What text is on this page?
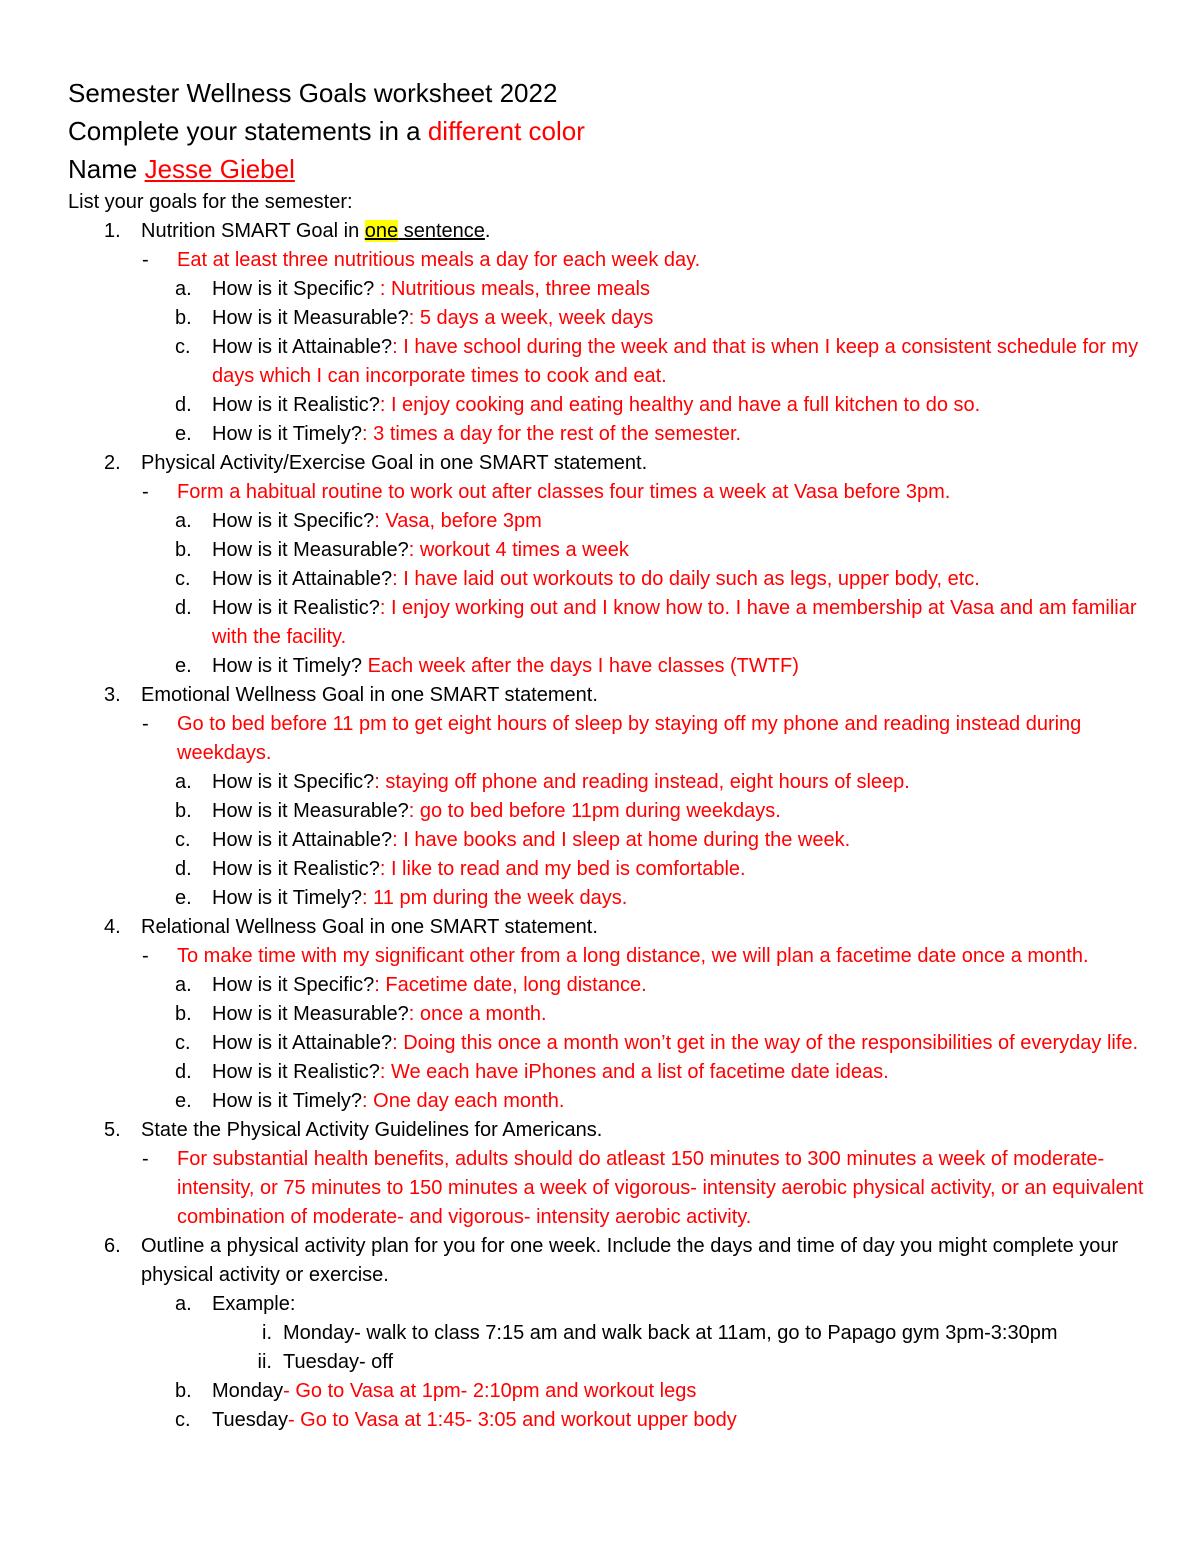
Semester Wellness Goals worksheet 2022
Complete your statements in a different color
Name Jesse Giebel
List your goals for the semester:
1. Nutrition SMART Goal in one sentence.
- Eat at least three nutritious meals a day for each week day.
a. How is it Specific? : Nutritious meals, three meals
b. How is it Measurable?: 5 days a week, week days
c. How is it Attainable?: I have school during the week and that is when I keep a consistent schedule for my days which I can incorporate times to cook and eat.
d. How is it Realistic?: I enjoy cooking and eating healthy and have a full kitchen to do so.
e. How is it Timely?: 3 times a day for the rest of the semester.
2. Physical Activity/Exercise Goal in one SMART statement.
- Form a habitual routine to work out after classes four times a week at Vasa before 3pm.
a. How is it Specific?: Vasa, before 3pm
b. How is it Measurable?: workout 4 times a week
c. How is it Attainable?: I have laid out workouts to do daily such as legs, upper body, etc.
d. How is it Realistic?: I enjoy working out and I know how to. I have a membership at Vasa and am familiar with the facility.
e. How is it Timely? Each week after the days I have classes (TWTF)
3. Emotional Wellness Goal in one SMART statement.
- Go to bed before 11 pm to get eight hours of sleep by staying off my phone and reading instead during weekdays.
a. How is it Specific?: staying off phone and reading instead, eight hours of sleep.
b. How is it Measurable?: go to bed before 11pm during weekdays.
c. How is it Attainable?: I have books and I sleep at home during the week.
d. How is it Realistic?: I like to read and my bed is comfortable.
e. How is it Timely?: 11 pm during the week days.
4. Relational Wellness Goal in one SMART statement.
- To make time with my significant other from a long distance, we will plan a facetime date once a month.
a. How is it Specific?: Facetime date, long distance.
b. How is it Measurable?: once a month.
c. How is it Attainable?: Doing this once a month won’t get in the way of the responsibilities of everyday life.
d. How is it Realistic?: We each have iPhones and a list of facetime date ideas.
e. How is it Timely?: One day each month.
5. State the Physical Activity Guidelines for Americans.
- For substantial health benefits, adults should do atleast 150 minutes to 300 minutes a week of moderate- intensity, or 75 minutes to 150 minutes a week of vigorous- intensity aerobic physical activity, or an equivalent combination of moderate- and vigorous- intensity aerobic activity.
6. Outline a physical activity plan for you for one week. Include the days and time of day you might complete your physical activity or exercise.
a. Example:
i. Monday- walk to class 7:15 am and walk back at 11am, go to Papago gym 3pm-3:30pm
ii. Tuesday- off
b. Monday- Go to Vasa at 1pm- 2:10pm and workout legs
c. Tuesday- Go to Vasa at 1:45- 3:05 and workout upper body
